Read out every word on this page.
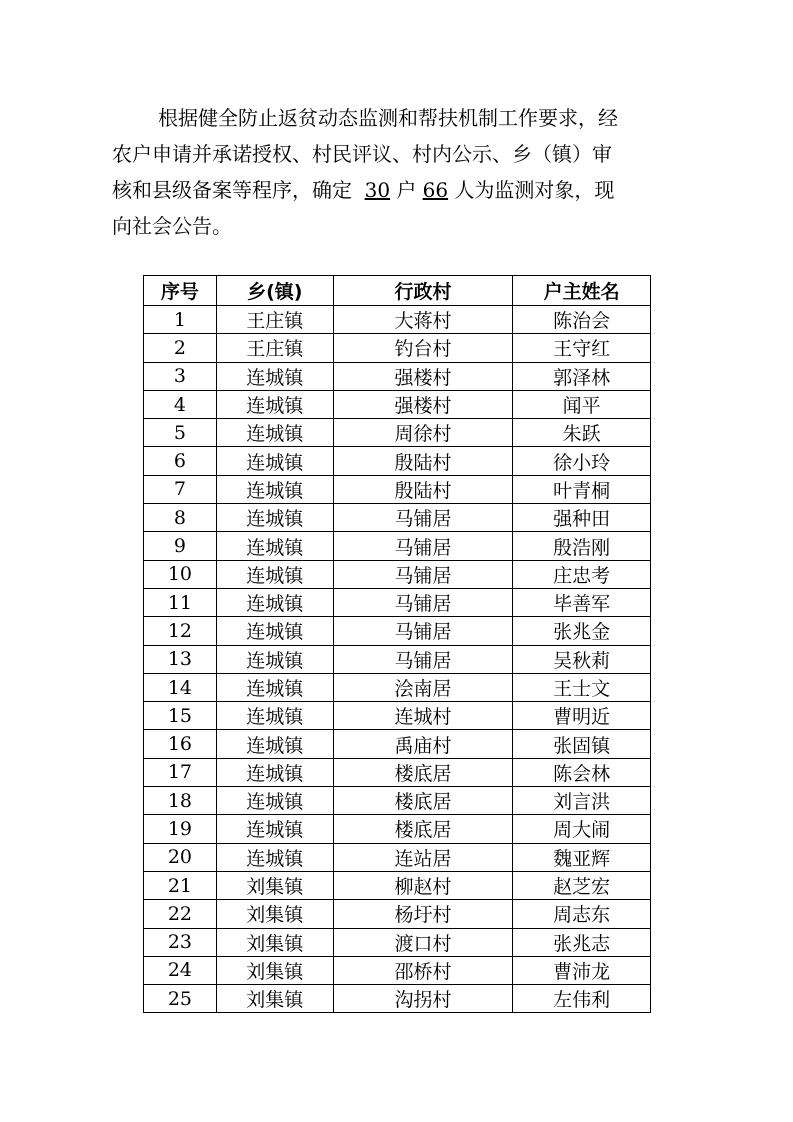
根据健全防止返贫动态监测和帮扶机制工作要求，经

农户申请并承诺授权、村民评议、村内公示、乡（镇）审

核和县级备案等程序，确定 30 户 66 人为监测对象，现

向社会公告。

序号	乡(镇)	行政村	户主姓名
1	王庄镇	大蒋村	陈治会
2	王庄镇	钓台村	王守红
3	连城镇	强楼村	郭泽林
4	连城镇	强楼村	闻平
5	连城镇	周徐村	朱跃
6	连城镇	殷陆村	徐小玲
7	连城镇	殷陆村	叶青桐
8	连城镇	马铺居	强种田
9	连城镇	马铺居	殷浩刚
10	连城镇	马铺居	庄忠考
11	连城镇	马铺居	毕善军
12	连城镇	马铺居	张兆金
13	连城镇	马铺居	吴秋莉
14	连城镇	浍南居	王士文
15	连城镇	连城村	曹明近
16	连城镇	禹庙村	张固镇
17	连城镇	楼底居	陈会林
18	连城镇	楼底居	刘言洪
19	连城镇	楼底居	周大闹
20	连城镇	连站居	魏亚辉
21	刘集镇	柳赵村	赵芝宏
22	刘集镇	杨圩村	周志东
23	刘集镇	渡口村	张兆志
24	刘集镇	邵桥村	曹沛龙
25	刘集镇	沟拐村	左伟利
